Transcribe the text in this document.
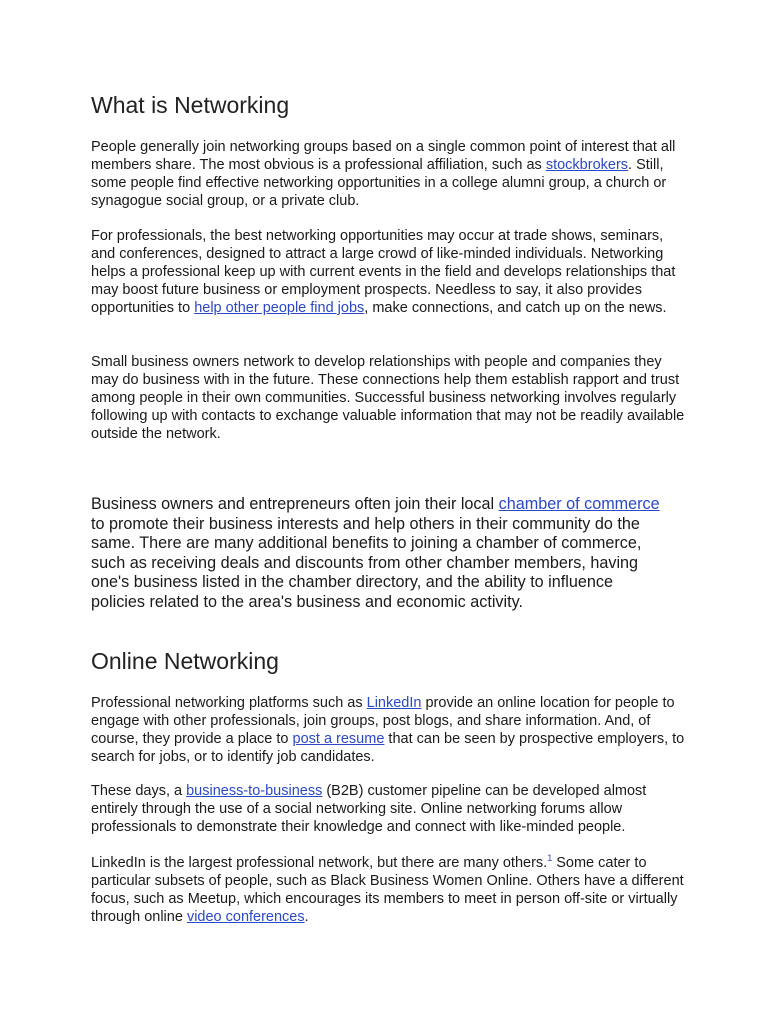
What is Networking

People generally join networking groups based on a single common point of interest that all members share. The most obvious is a professional affiliation, such as stockbrokers. Still, some people find effective networking opportunities in a college alumni group, a church or synagogue social group, or a private club.

For professionals, the best networking opportunities may occur at trade shows, seminars, and conferences, designed to attract a large crowd of like-minded individuals. Networking helps a professional keep up with current events in the field and develops relationships that may boost future business or employment prospects. Needless to say, it also provides opportunities to help other people find jobs, make connections, and catch up on the news.

Small business owners network to develop relationships with people and companies they may do business with in the future. These connections help them establish rapport and trust among people in their own communities. Successful business networking involves regularly following up with contacts to exchange valuable information that may not be readily available outside the network.

Business owners and entrepreneurs often join their local chamber of commerce to promote their business interests and help others in their community do the same. There are many additional benefits to joining a chamber of commerce, such as receiving deals and discounts from other chamber members, having one's business listed in the chamber directory, and the ability to influence policies related to the area's business and economic activity.

Online Networking

Professional networking platforms such as LinkedIn provide an online location for people to engage with other professionals, join groups, post blogs, and share information. And, of course, they provide a place to post a resume that can be seen by prospective employers, to search for jobs, or to identify job candidates.

These days, a business-to-business (B2B) customer pipeline can be developed almost entirely through the use of a social networking site. Online networking forums allow professionals to demonstrate their knowledge and connect with like-minded people.

LinkedIn is the largest professional network, but there are many others.$^1$ Some cater to particular subsets of people, such as Black Business Women Online. Others have a different focus, such as Meetup, which encourages its members to meet in person off-site or virtually through online video conferences.
